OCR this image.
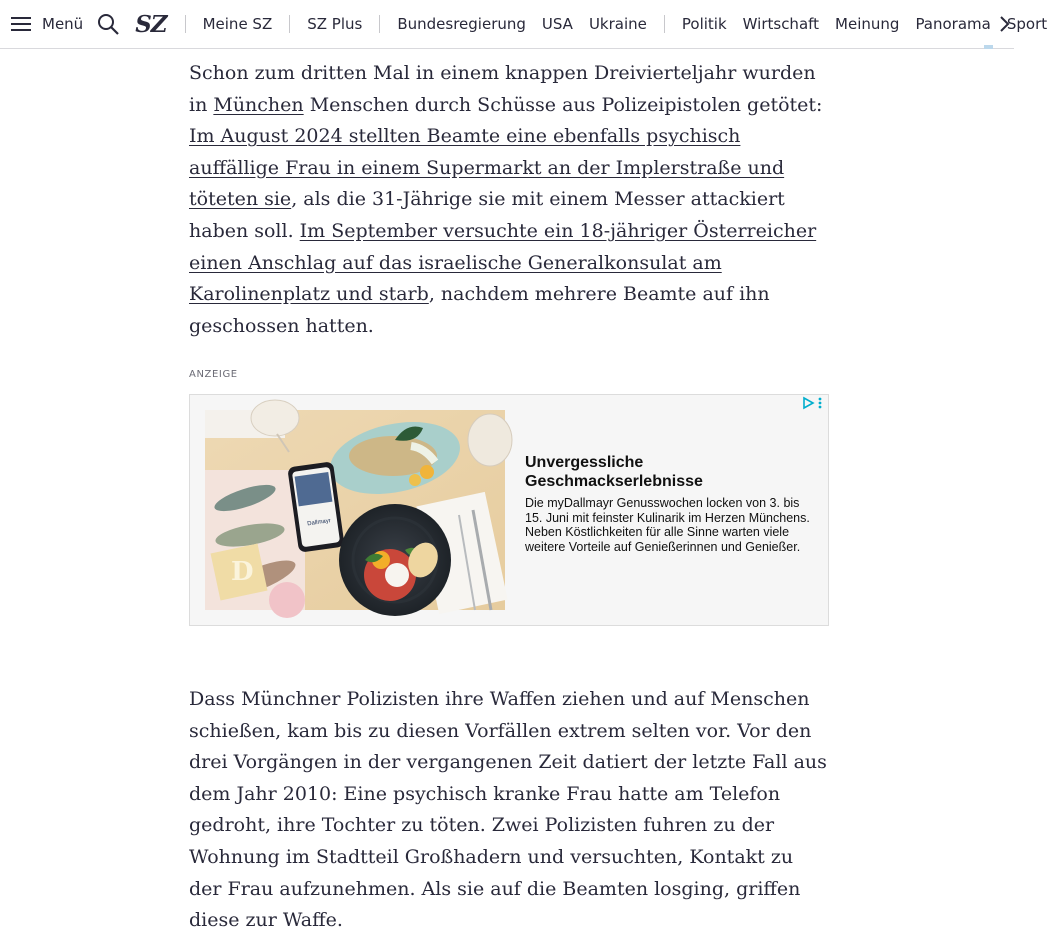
Menü SZ	Meine SZ	SZ Plus	Bundesregierung	USA	Ukraine	Politik	Wirtschaft	Meinung	Panorama	Sport

Schon zum dritten Mal in einem knappen Dreivierteljahr wurden in München Menschen durch Schüsse aus Polizeipistolen getötet: Im August 2024 stellten Beamte eine ebenfalls psychisch auffällige Frau in einem Supermarkt an der Implerstraße und töteten sie, als die 31-Jährige sie mit einem Messer attackiert haben soll. Im September versuchte ein 18-jähriger Österreicher einen Anschlag auf das israelische Generalkonsulat am Karolinenplatz und starb, nachdem mehrere Beamte auf ihn geschossen hatten.

ANZEIGE
D
Dallmayr
Unvergessliche Geschmackserlebnisse
Die myDallmayr Genusswochen locken von 3. bis 15. Juni mit feinster Kulinarik im Herzen Münchens. Neben Köstlichkeiten für alle Sinne warten viele weitere Vorteile auf Genießerinnen und Genießer.

Dass Münchner Polizisten ihre Waffen ziehen und auf Menschen schießen, kam bis zu diesen Vorfällen extrem selten vor. Vor den drei Vorgängen in der vergangenen Zeit datiert der letzte Fall aus dem Jahr 2010: Eine psychisch kranke Frau hatte am Telefon gedroht, ihre Tochter zu töten. Zwei Polizisten fuhren zu der Wohnung im Stadtteil Großhadern und versuchten, Kontakt zu der Frau aufzunehmen. Als sie auf die Beamten losging, griffen diese zur Waffe.
